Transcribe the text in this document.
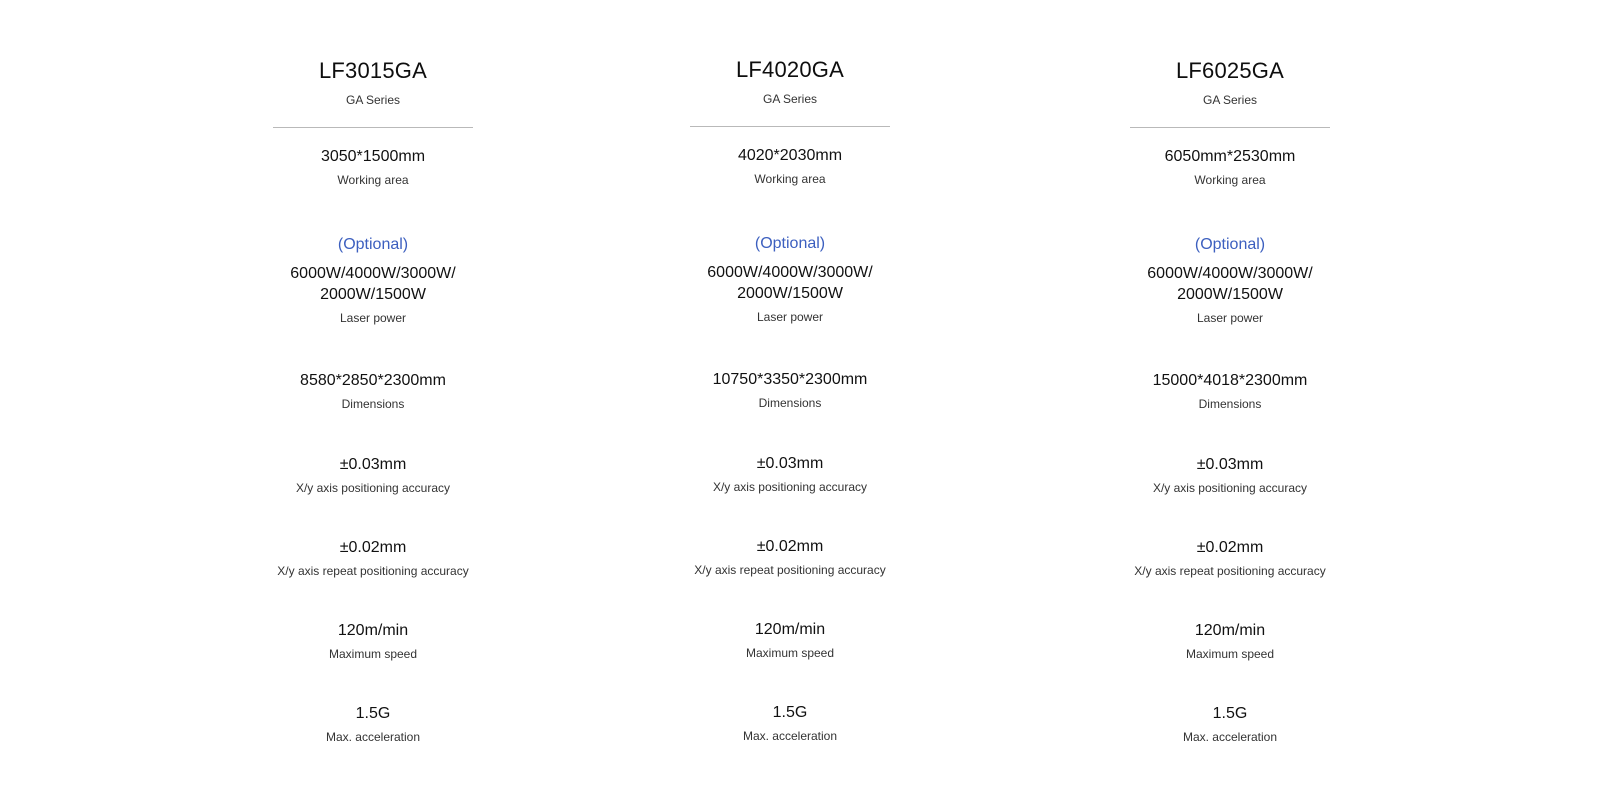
LF3015GA
GA Series
3050*1500mm
Working area
(Optional)
6000W/4000W/3000W/ 2000W/1500W
Laser power
8580*2850*2300mm
Dimensions
±0.03mm
X/y axis positioning accuracy
±0.02mm
X/y axis repeat positioning accuracy
120m/min
Maximum speed
1.5G
Max. acceleration
LF4020GA
GA Series
4020*2030mm
Working area
(Optional)
6000W/4000W/3000W/ 2000W/1500W
Laser power
10750*3350*2300mm
Dimensions
±0.03mm
X/y axis positioning accuracy
±0.02mm
X/y axis repeat positioning accuracy
120m/min
Maximum speed
1.5G
Max. acceleration
LF6025GA
GA Series
6050mm*2530mm
Working area
(Optional)
6000W/4000W/3000W/ 2000W/1500W
Laser power
15000*4018*2300mm
Dimensions
±0.03mm
X/y axis positioning accuracy
±0.02mm
X/y axis repeat positioning accuracy
120m/min
Maximum speed
1.5G
Max. acceleration
